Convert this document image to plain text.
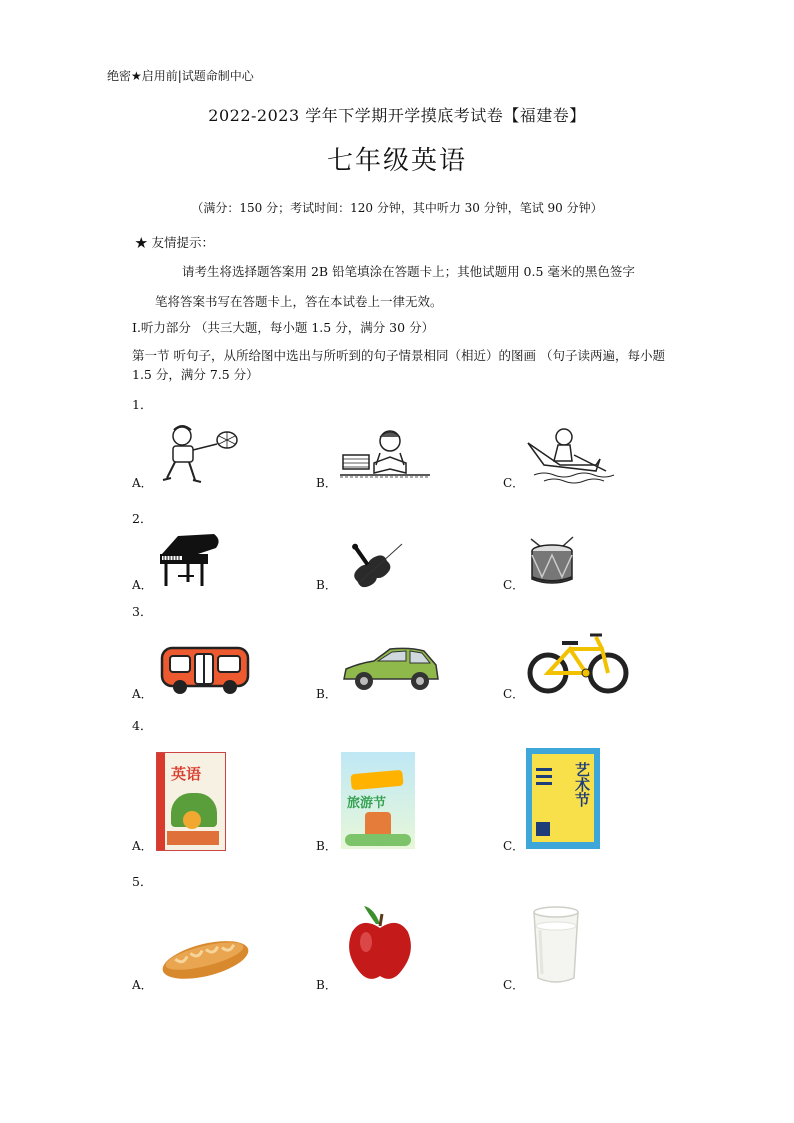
绝密★启用前|试题命制中心
2022-2023 学年下学期开学摸底考试卷【福建卷】
七年级英语
（满分：150 分；考试时间：120 分钟，其中听力 30 分钟，笔试 90 分钟）
★ 友情提示：
请考生将选择题答案用 2B 铅笔填涂在答题卡上；其他试题用 0.5 毫米的黑色签字
笔将答案书写在答题卡上，答在本试卷上一律无效。
I.听力部分 （共三大题，每小题 1.5 分，满分 30 分）
第一节 听句子，从所给图中选出与所听到的句子情景相同（相近）的图画 （句子读两遍，每小题 1.5 分，满分 7.5 分）
1．
A．	B．	C．
2．
A．	B．	C．
3．
A．	B．	C．
4．
A．	B．	C．
英语
旅游节	艺术节
5．
A．	B．	C．
